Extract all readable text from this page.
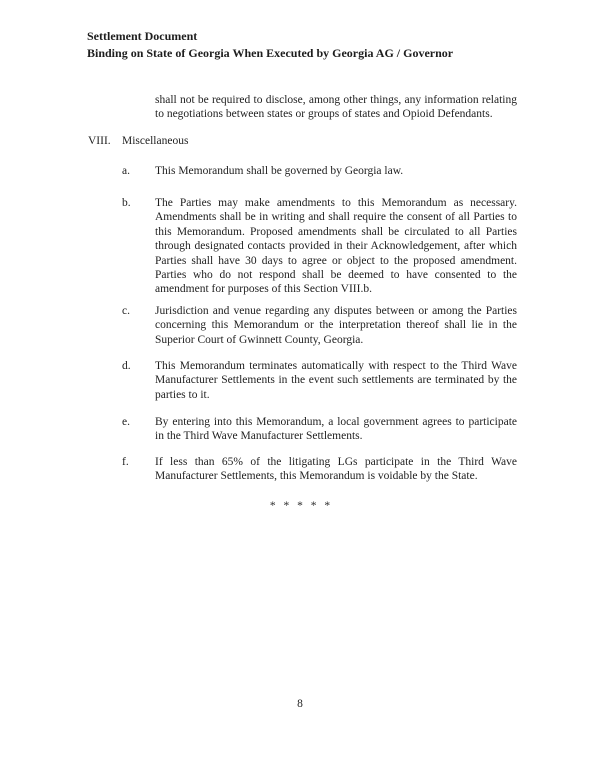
Settlement Document
Binding on State of Georgia When Executed by Georgia AG / Governor

shall not be required to disclose, among other things, any information relating to negotiations between states or groups of states and Opioid Defendants.

VIII. Miscellaneous
a.	This Memorandum shall be governed by Georgia law.
b.	The Parties may make amendments to this Memorandum as necessary. Amendments shall be in writing and shall require the consent of all Parties to this Memorandum. Proposed amendments shall be circulated to all Parties through designated contacts provided in their Acknowledgement, after which Parties shall have 30 days to agree or object to the proposed amendment. Parties who do not respond shall be deemed to have consented to the amendment for purposes of this Section VIII.b.
c.	Jurisdiction and venue regarding any disputes between or among the Parties concerning this Memorandum or the interpretation thereof shall lie in the Superior Court of Gwinnett County, Georgia.
d.	This Memorandum terminates automatically with respect to the Third Wave Manufacturer Settlements in the event such settlements are terminated by the parties to it.
e.	By entering into this Memorandum, a local government agrees to participate in the Third Wave Manufacturer Settlements.
f.	If less than 65% of the litigating LGs participate in the Third Wave Manufacturer Settlements, this Memorandum is voidable by the State.
* * * * *
8
